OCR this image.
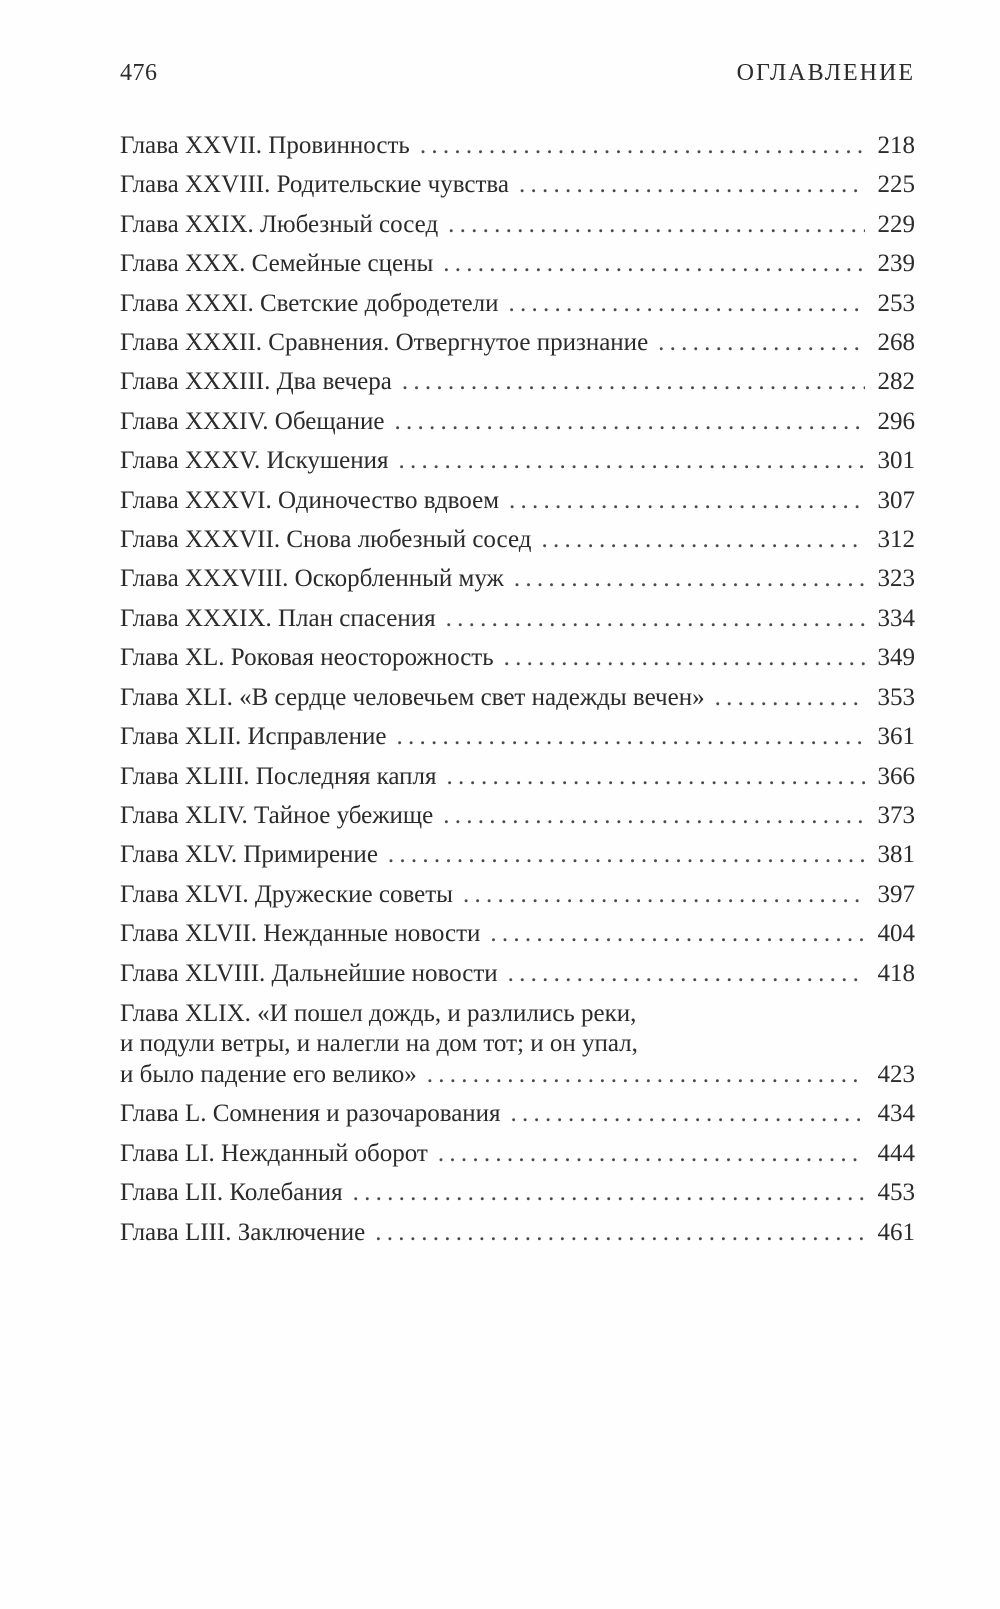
476	ОГЛАВЛЕНИЕ
Глава XXVII. Провинность . . .	218
Глава XXVIII. Родительские чувства . . .	225
Глава XXIX. Любезный сосед . . .	229
Глава XXX. Семейные сцены . . .	239
Глава XXXI. Светские добродетели . . .	253
Глава XXXII. Сравнения. Отвергнутое признание . . .	268
Глава XXXIII. Два вечера . . .	282
Глава XXXIV. Обещание . . .	296
Глава XXXV. Искушения . . .	301
Глава XXXVI. Одиночество вдвоем . . .	307
Глава XXXVII. Снова любезный сосед . . .	312
Глава XXXVIII. Оскорбленный муж . . .	323
Глава XXXIX. План спасения . . .	334
Глава XL. Роковая неосторожность . . .	349
Глава XLI. «В сердце человечьем свет надежды вечен» . . .	353
Глава XLII. Исправление . . .	361
Глава XLIII. Последняя капля . . .	366
Глава XLIV. Тайное убежище . . .	373
Глава XLV. Примирение . . .	381
Глава XLVI. Дружеские советы . . .	397
Глава XLVII. Нежданные новости . . .	404
Глава XLVIII. Дальнейшие новости . . .	418
Глава XLIX. «И пошел дождь, и разлились реки,
и подули ветры, и налегли на дом тот; и он упал,
и было падение его велико» . . .	423
Глава L. Сомнения и разочарования . . .	434
Глава LI. Нежданный оборот . . .	444
Глава LII. Колебания . . .	453
Глава LIII. Заключение . . .	461
